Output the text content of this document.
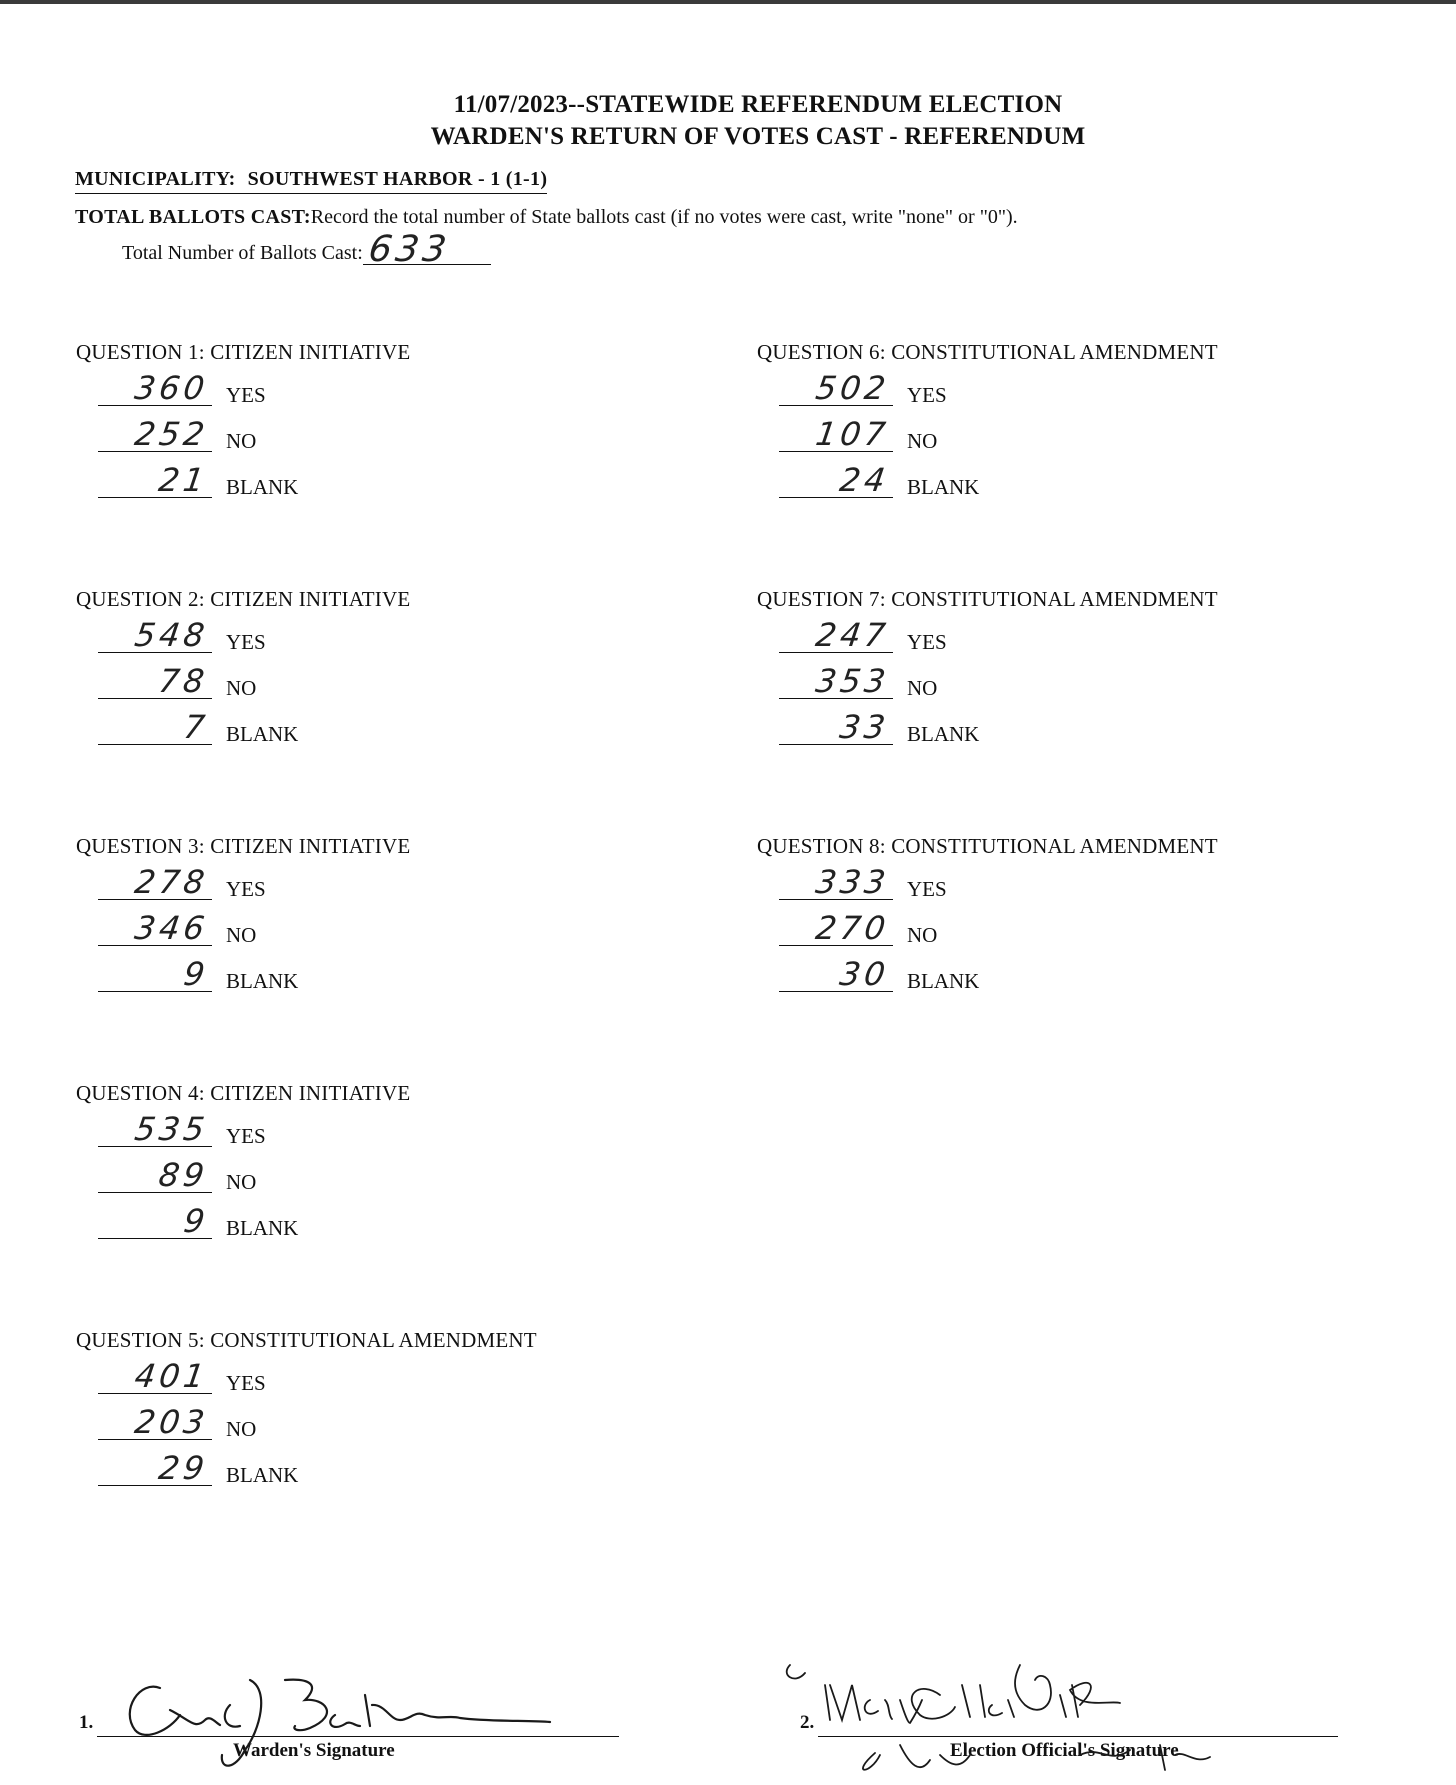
11/07/2023--STATEWIDE REFERENDUM ELECTION
WARDEN'S RETURN OF VOTES CAST - REFERENDUM
MUNICIPALITY: SOUTHWEST HARBOR - 1 (1-1)
TOTAL BALLOTS CAST:Record the total number of State ballots cast (if no votes were cast, write "none" or "0").
Total Number of Ballots Cast: 633
QUESTION 1: CITIZEN INITIATIVE
360 YES
252 NO
21 BLANK
QUESTION 2: CITIZEN INITIATIVE
548 YES
78 NO
7 BLANK
QUESTION 3: CITIZEN INITIATIVE
278 YES
346 NO
9 BLANK
QUESTION 4: CITIZEN INITIATIVE
535 YES
89 NO
9 BLANK
QUESTION 5: CONSTITUTIONAL AMENDMENT
401 YES
203 NO
29 BLANK
QUESTION 6: CONSTITUTIONAL AMENDMENT
502 YES
107 NO
24 BLANK
QUESTION 7: CONSTITUTIONAL AMENDMENT
247 YES
353 NO
33 BLANK
QUESTION 8: CONSTITUTIONAL AMENDMENT
333 YES
270 NO
30 BLANK
1.
Warden's Signature
2.
Election Official's Signature
